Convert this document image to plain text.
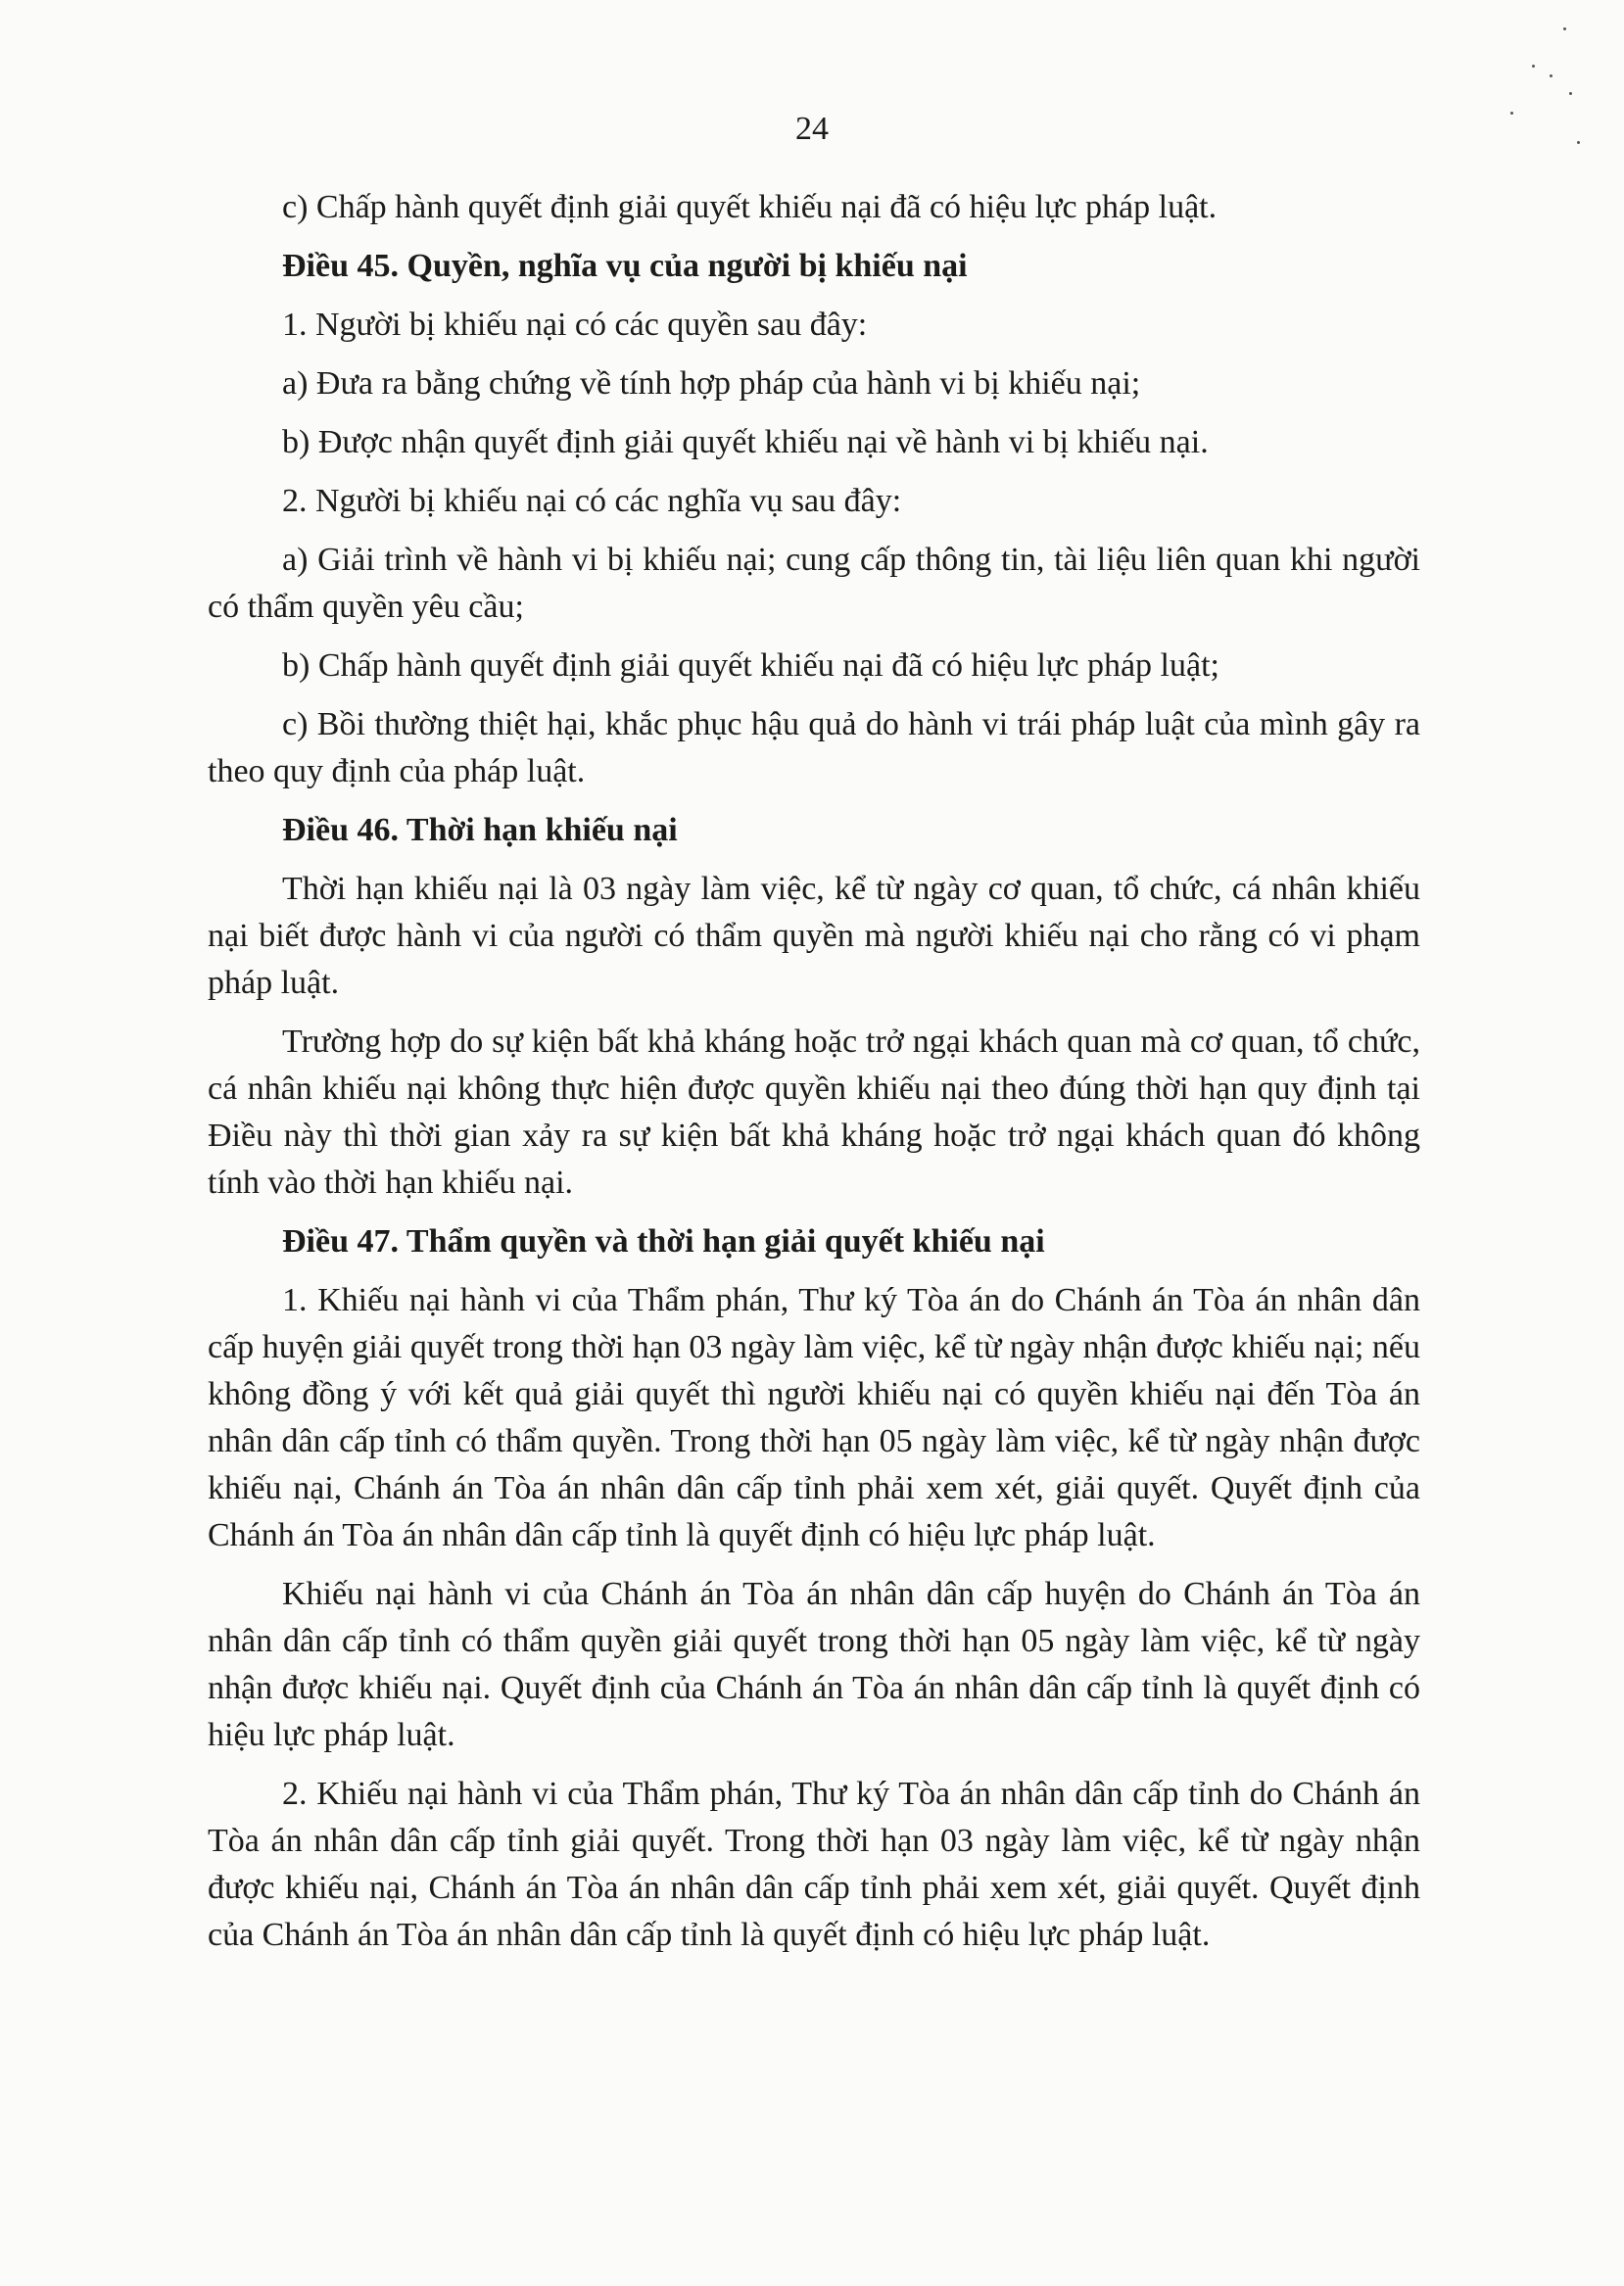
24

c) Chấp hành quyết định giải quyết khiếu nại đã có hiệu lực pháp luật.

Điều 45. Quyền, nghĩa vụ của người bị khiếu nại

1. Người bị khiếu nại có các quyền sau đây:

a) Đưa ra bằng chứng về tính hợp pháp của hành vi bị khiếu nại;

b) Được nhận quyết định giải quyết khiếu nại về hành vi bị khiếu nại.

2. Người bị khiếu nại có các nghĩa vụ sau đây:

a) Giải trình về hành vi bị khiếu nại; cung cấp thông tin, tài liệu liên quan khi người có thẩm quyền yêu cầu;

b) Chấp hành quyết định giải quyết khiếu nại đã có hiệu lực pháp luật;

c) Bồi thường thiệt hại, khắc phục hậu quả do hành vi trái pháp luật của mình gây ra theo quy định của pháp luật.

Điều 46. Thời hạn khiếu nại

Thời hạn khiếu nại là 03 ngày làm việc, kể từ ngày cơ quan, tổ chức, cá nhân khiếu nại biết được hành vi của người có thẩm quyền mà người khiếu nại cho rằng có vi phạm pháp luật.

Trường hợp do sự kiện bất khả kháng hoặc trở ngại khách quan mà cơ quan, tổ chức, cá nhân khiếu nại không thực hiện được quyền khiếu nại theo đúng thời hạn quy định tại Điều này thì thời gian xảy ra sự kiện bất khả kháng hoặc trở ngại khách quan đó không tính vào thời hạn khiếu nại.

Điều 47. Thẩm quyền và thời hạn giải quyết khiếu nại

1. Khiếu nại hành vi của Thẩm phán, Thư ký Tòa án do Chánh án Tòa án nhân dân cấp huyện giải quyết trong thời hạn 03 ngày làm việc, kể từ ngày nhận được khiếu nại; nếu không đồng ý với kết quả giải quyết thì người khiếu nại có quyền khiếu nại đến Tòa án nhân dân cấp tỉnh có thẩm quyền. Trong thời hạn 05 ngày làm việc, kể từ ngày nhận được khiếu nại, Chánh án Tòa án nhân dân cấp tỉnh phải xem xét, giải quyết. Quyết định của Chánh án Tòa án nhân dân cấp tỉnh là quyết định có hiệu lực pháp luật.

Khiếu nại hành vi của Chánh án Tòa án nhân dân cấp huyện do Chánh án Tòa án nhân dân cấp tỉnh có thẩm quyền giải quyết trong thời hạn 05 ngày làm việc, kể từ ngày nhận được khiếu nại. Quyết định của Chánh án Tòa án nhân dân cấp tỉnh là quyết định có hiệu lực pháp luật.

2. Khiếu nại hành vi của Thẩm phán, Thư ký Tòa án nhân dân cấp tỉnh do Chánh án Tòa án nhân dân cấp tỉnh giải quyết. Trong thời hạn 03 ngày làm việc, kể từ ngày nhận được khiếu nại, Chánh án Tòa án nhân dân cấp tỉnh phải xem xét, giải quyết. Quyết định của Chánh án Tòa án nhân dân cấp tỉnh là quyết định có hiệu lực pháp luật.
